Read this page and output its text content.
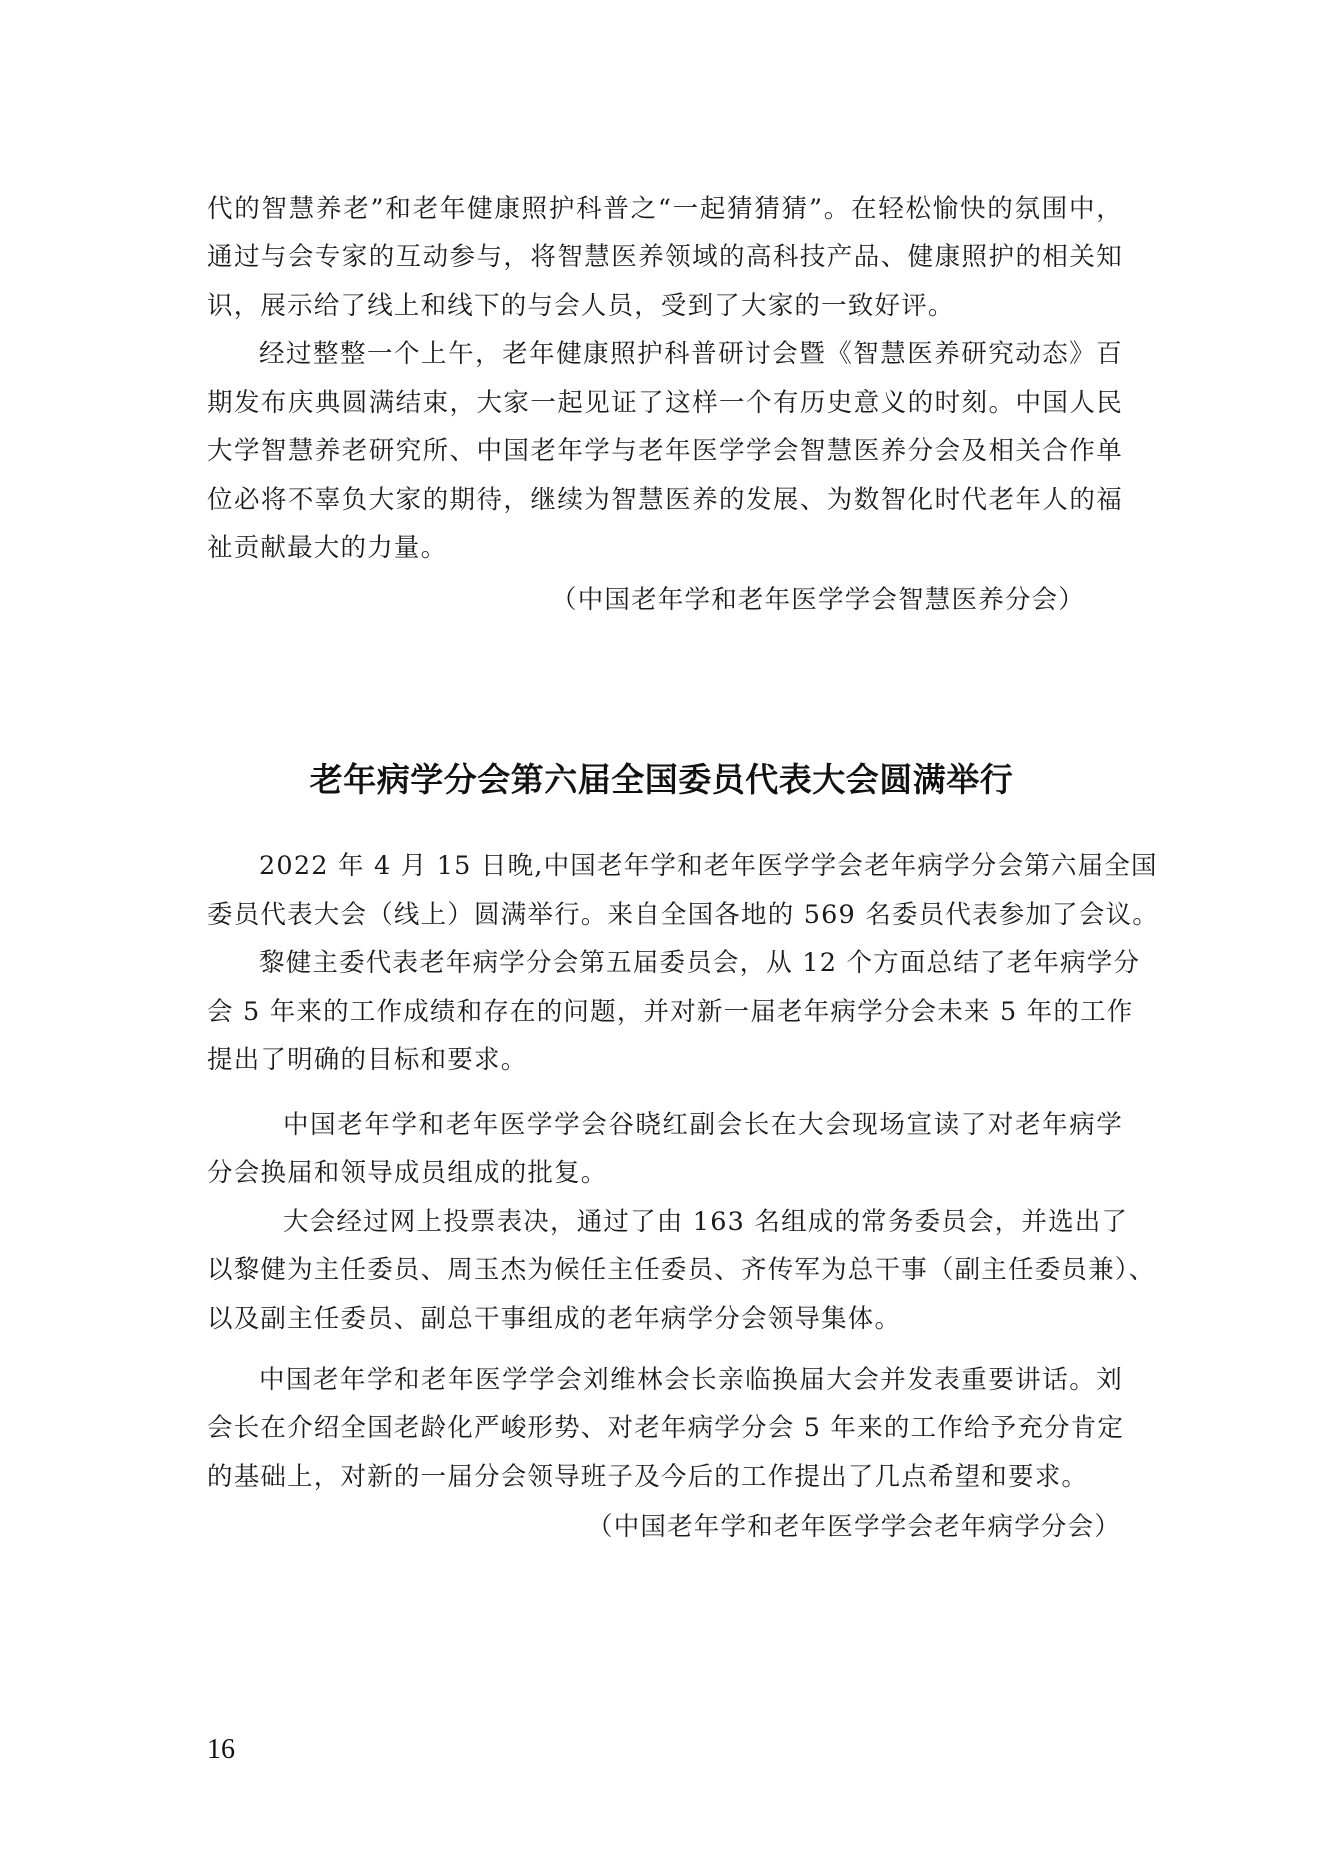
代的智慧养老”和老年健康照护科普之“一起猜猜猜”。在轻松愉快的氛围中，
通过与会专家的互动参与，将智慧医养领域的高科技产品、健康照护的相关知
识，展示给了线上和线下的与会人员，受到了大家的一致好评。
经过整整一个上午，老年健康照护科普研讨会暨《智慧医养研究动态》百
期发布庆典圆满结束，大家一起见证了这样一个有历史意义的时刻。中国人民
大学智慧养老研究所、中国老年学与老年医学学会智慧医养分会及相关合作单
位必将不辜负大家的期待，继续为智慧医养的发展、为数智化时代老年人的福
祉贡献最大的力量。
（中国老年学和老年医学学会智慧医养分会）
老年病学分会第六届全国委员代表大会圆满举行
2022 年 4 月 15 日晚,中国老年学和老年医学学会老年病学分会第六届全国
委员代表大会（线上）圆满举行。来自全国各地的 569 名委员代表参加了会议。
黎健主委代表老年病学分会第五届委员会，从 12 个方面总结了老年病学分
会 5 年来的工作成绩和存在的问题，并对新一届老年病学分会未来 5 年的工作
提出了明确的目标和要求。
中国老年学和老年医学学会谷晓红副会长在大会现场宣读了对老年病学
分会换届和领导成员组成的批复。
大会经过网上投票表决，通过了由 163 名组成的常务委员会，并选出了
以黎健为主任委员、周玉杰为候任主任委员、齐传军为总干事（副主任委员兼）、
以及副主任委员、副总干事组成的老年病学分会领导集体。
中国老年学和老年医学学会刘维林会长亲临换届大会并发表重要讲话。刘
会长在介绍全国老龄化严峻形势、对老年病学分会 5 年来的工作给予充分肯定
的基础上，对新的一届分会领导班子及今后的工作提出了几点希望和要求。
（中国老年学和老年医学学会老年病学分会）
16
